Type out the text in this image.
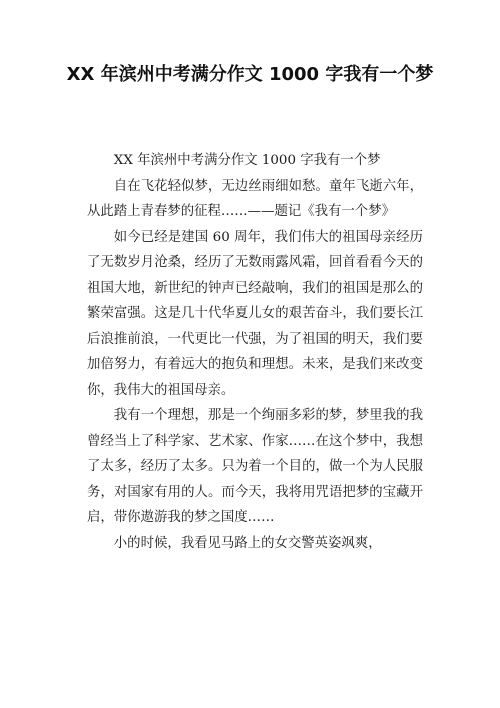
XX 年滨州中考满分作文 1000 字我有一个梦

XX 年滨州中考满分作文 1000 字我有一个梦

自在飞花轻似梦，无边丝雨细如愁。童年飞逝六年，从此踏上青春梦的征程……——题记《我有一个梦》

如今已经是建国 60 周年，我们伟大的祖国母亲经历了无数岁月沧桑，经历了无数雨露风霜，回首看看今天的祖国大地，新世纪的钟声已经敲响，我们的祖国是那么的繁荣富强。这是几十代华夏儿女的艰苦奋斗，我们要长江后浪推前浪，一代更比一代强，为了祖国的明天，我们要加倍努力，有着远大的抱负和理想。未来，是我们来改变你，我伟大的祖国母亲。

我有一个理想，那是一个绚丽多彩的梦，梦里我的我曾经当上了科学家、艺术家、作家……在这个梦中，我想了太多，经历了太多。只为着一个目的，做一个为人民服务，对国家有用的人。而今天，我将用咒语把梦的宝藏开启，带你遨游我的梦之国度……

小的时候，我看见马路上的女交警英姿飒爽，
